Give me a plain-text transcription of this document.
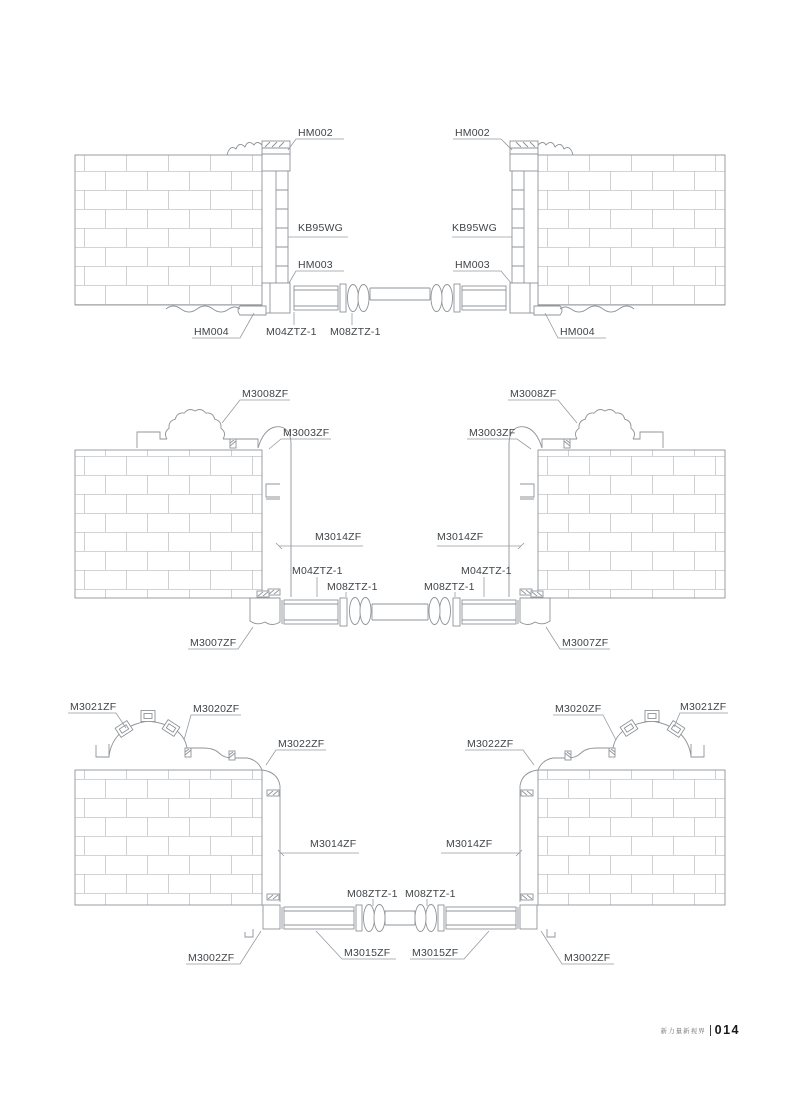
HM002	HM002
KB95WG	KB95WG
HM003	HM003
HM004	HM004
M04ZTZ-1 M08ZTZ-1
M3008ZF	M3008ZF
M3003ZF	M3003ZF
M3014ZF	M3014ZF
M04ZTZ-1	M04ZTZ-1
M08ZTZ-1	M08ZTZ-1
M3007ZF	M3007ZF
M3021ZF	M3021ZF
M3020ZF	M3020ZF
M3022ZF	M3022ZF
M3014ZF	M3014ZF
M08ZTZ-1 M08ZTZ-1
M3015ZF M3015ZF
M3002ZF	M3002ZF
新力量新视界 014
